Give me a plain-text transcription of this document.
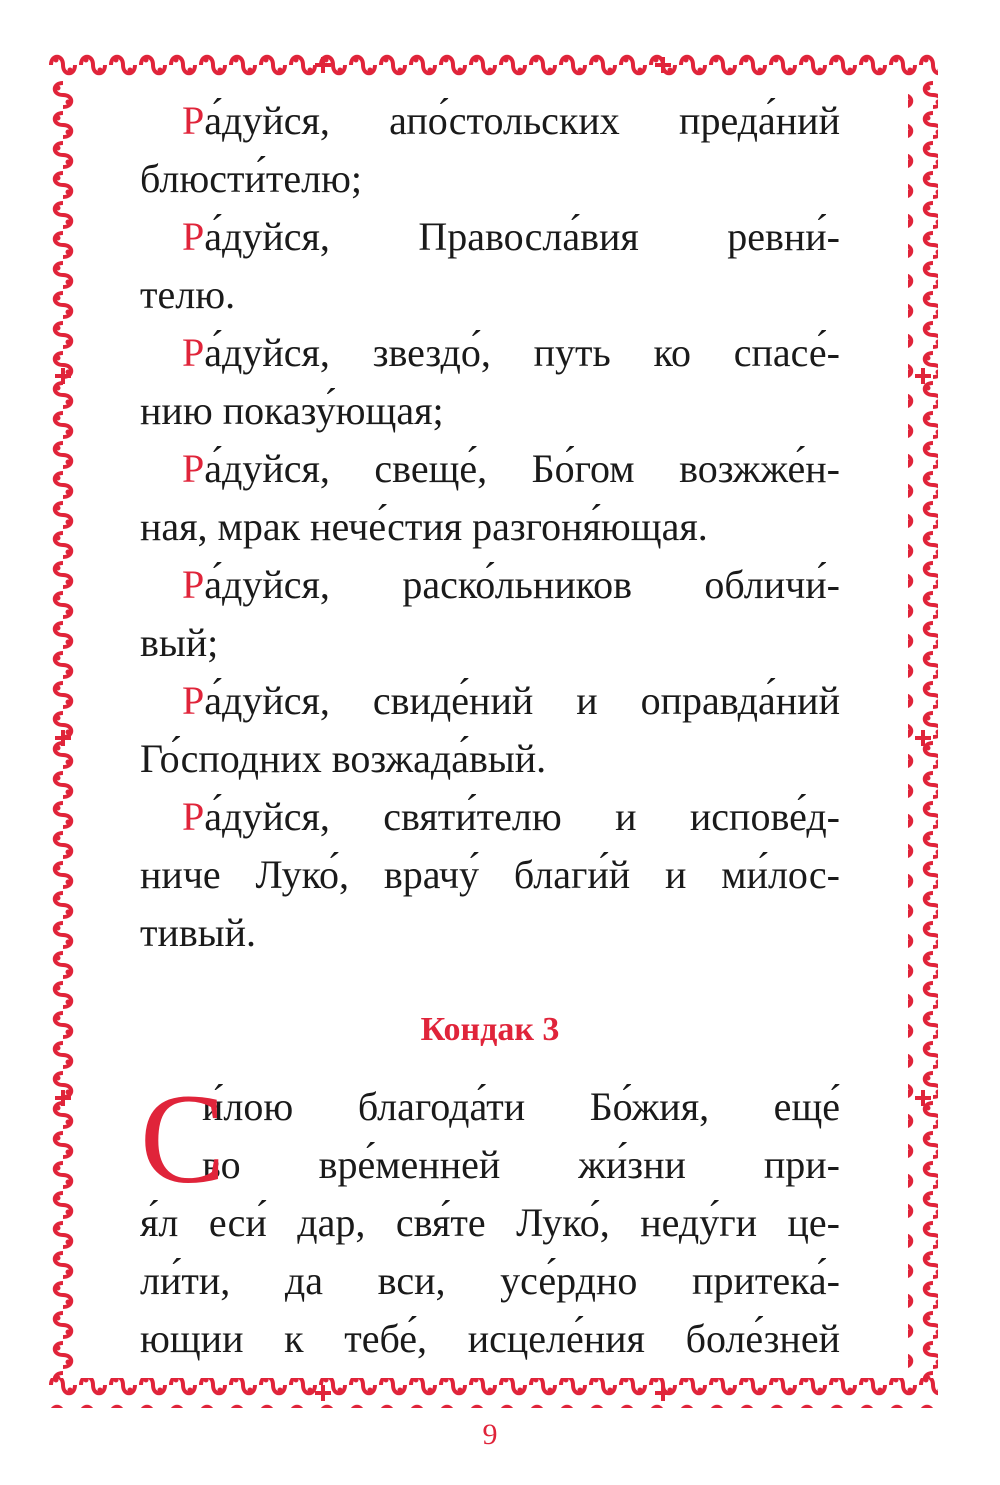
Ра́дуйся, апо́стольских преда́ний
блюсти́телю;

Ра́дуйся, Правосла́вия ревни́-
телю.

Ра́дуйся, звездо́, путь ко спасе́-
нию показу́ющая;

Ра́дуйся, свеще́, Бо́гом возжже́н-
ная, мрак нече́стия разгоня́ющая.

Ра́дуйся, раско́льников обличи́-
вый;

Ра́дуйся, свиде́ний и оправда́ний
Го́сподних возжада́вый.

Ра́дуйся, святи́телю и испове́д-
ниче Луко́, врачу́ благи́й и ми́лос-
тивый.

Кондак 3
С
и́лою благода́ти Бо́жия, еще́
во вре́менней жи́зни при-
я́л еси́ дар, свя́те Луко́, неду́ги це-
ли́ти, да вси, усе́рдно притека́-
ющии к тебе́, исцеле́ния боле́зней
9
